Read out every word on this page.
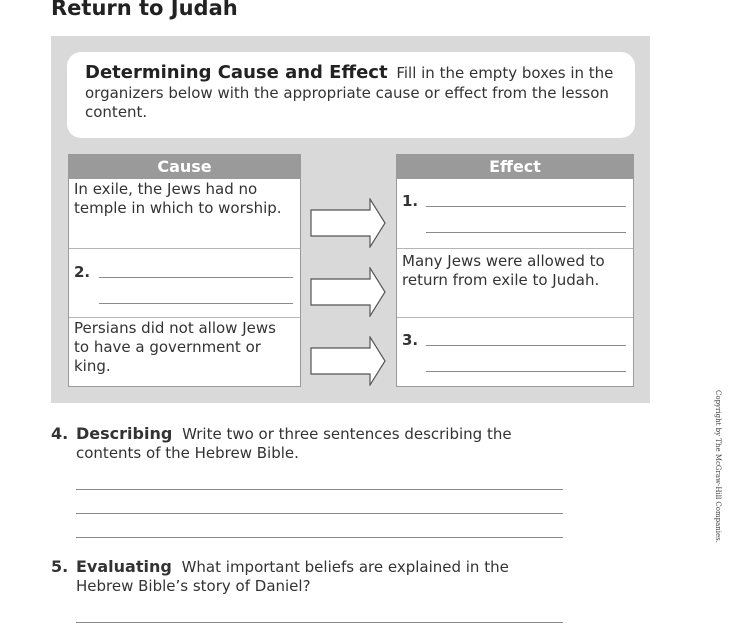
Return to Judah
Determining Cause and Effect Fill in the empty boxes in the organizers below with the appropriate cause or effect from the lesson content.
Cause
In exile, the Jews had no temple in which to worship.
2.
Persians did not allow Jews to have a government or king.
Effect
1.
Many Jews were allowed to return from exile to Judah.
3.
4. Describing Write two or three sentences describing the contents of the Hebrew Bible.
5. Evaluating What important beliefs are explained in the Hebrew Bible’s story of Daniel?
Copyright by The McGraw-Hill Companies.
